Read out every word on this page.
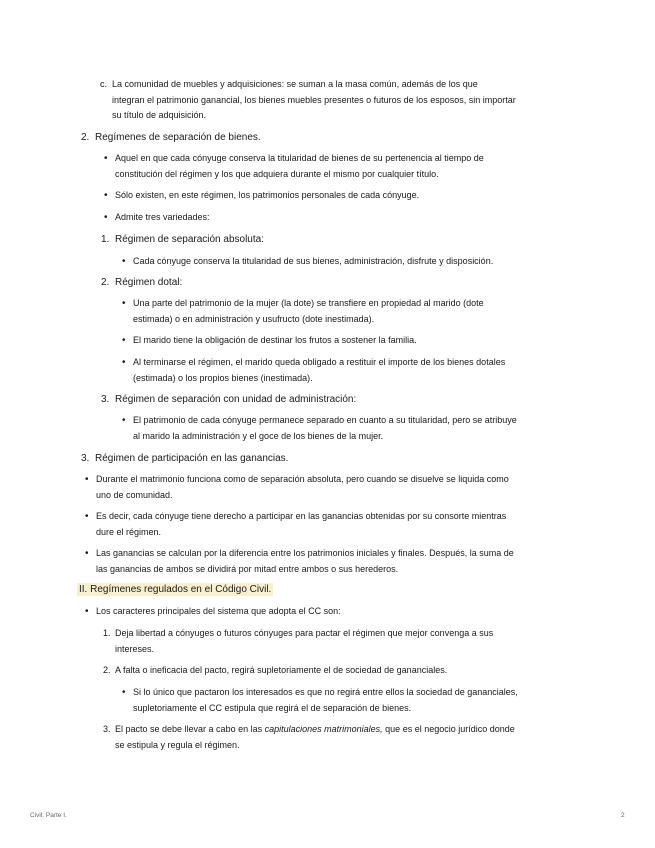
c. La comunidad de muebles y adquisiciones: se suman a la masa común, además de los que
integran el patrimonio ganancial, los bienes muebles presentes o futuros de los esposos, sin importar
su título de adquisición.
2. Regímenes de separación de bienes.
• Aquel en que cada cónyuge conserva la titularidad de bienes de su pertenencia al tiempo de
constitución del régimen y los que adquiera durante el mismo por cualquier título.
• Sólo existen, en este régimen, los patrimonios personales de cada cónyuge.
• Admite tres variedades:
1. Régimen de separación absoluta:
• Cada cónyuge conserva la titularidad de sus bienes, administración, disfrute y disposición.
2. Régimen dotal:
• Una parte del patrimonio de la mujer (la dote) se transfiere en propiedad al marido (dote
estimada) o en administración y usufructo (dote inestimada).
• El marido tiene la obligación de destinar los frutos a sostener la familia.
• Al terminarse el régimen, el marido queda obligado a restituir el importe de los bienes dotales
(estimada) o los propios bienes (inestimada).
3. Régimen de separación con unidad de administración:
• El patrimonio de cada cónyuge permanece separado en cuanto a su titularidad, pero se atribuye
al marido la administración y el goce de los bienes de la mujer.
3. Régimen de participación en las ganancias.
• Durante el matrimonio funciona como de separación absoluta, pero cuando se disuelve se liquida como
uno de comunidad.
• Es decir, cada cónyuge tiene derecho a participar en las ganancias obtenidas por su consorte mientras
dure el régimen.
• Las ganancias se calculan por la diferencia entre los patrimonios iniciales y finales. Después, la suma de
las ganancias de ambos se dividirá por mitad entre ambos o sus herederos.
II. Regímenes regulados en el Código Civil.
• Los caracteres principales del sistema que adopta el CC son:
1. Deja libertad a cónyuges o futuros cónyuges para pactar el régimen que mejor convenga a sus
intereses.
2. A falta o ineficacia del pacto, regirá supletoriamente el de sociedad de gananciales.
• Si lo único que pactaron los interesados es que no regirá entre ellos la sociedad de gananciales,
supletoriamente el CC estipula que regirá el de separación de bienes.
3. El pacto se debe llevar a cabo en las capitulaciones matrimoniales, que es el negocio jurídico donde
se estipula y regula el régimen.
Civil: Parte I.	2
